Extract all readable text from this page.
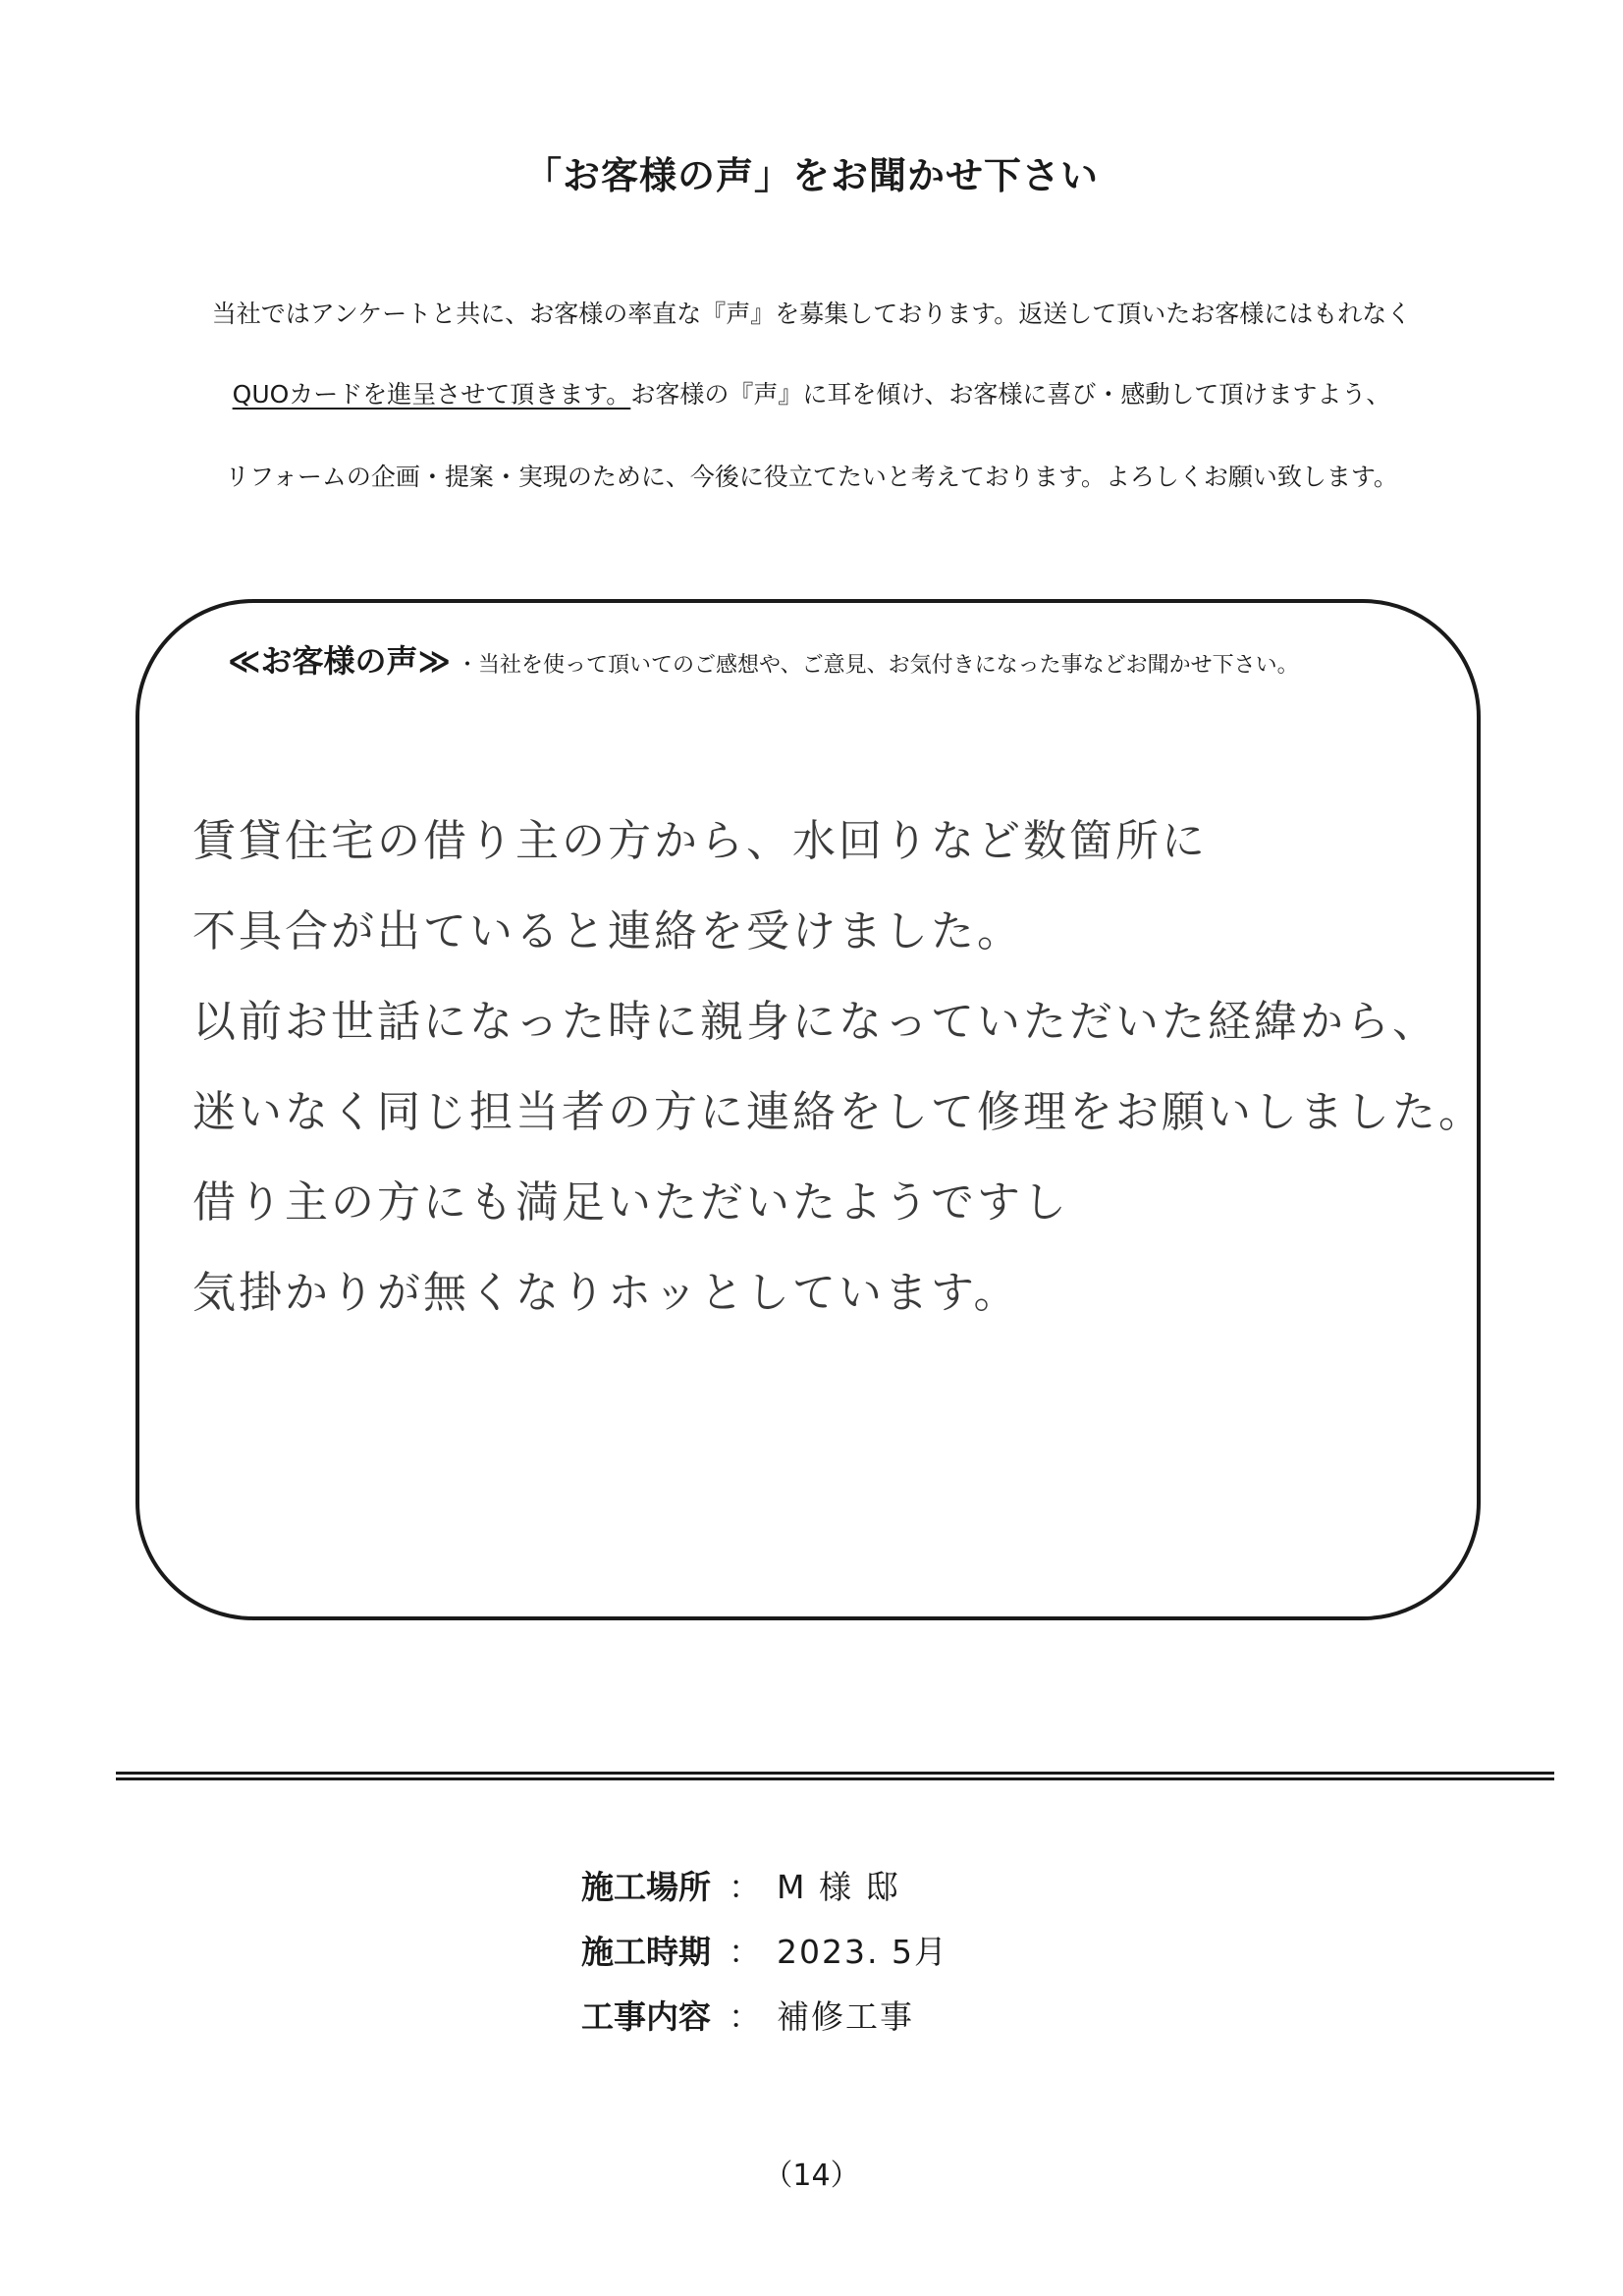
「お客様の声」をお聞かせ下さい
当社ではアンケートと共に、お客様の率直な『声』を募集しております。返送して頂いたお客様にはもれなく
QUOカードを進呈させて頂きます。お客様の『声』に耳を傾け、お客様に喜び・感動して頂けますよう、
リフォームの企画・提案・実現のために、今後に役立てたいと考えております。よろしくお願い致します。
≪お客様の声≫ ・当社を使って頂いてのご感想や、ご意見、お気付きになった事などお聞かせ下さい。
賃貸住宅の借り主の方から、水回りなど数箇所に
不具合が出ていると連絡を受けました。
以前お世話になった時に親身になっていただいた経緯から、
迷いなく同じ担当者の方に連絡をして修理をお願いしました。
借り主の方にも満足いただいたようですし
気掛かりが無くなりホッとしています。
施工場所 ： M 様 邸
施工時期 ： 2023. 5月
工事内容 ： 補修工事
（14）
